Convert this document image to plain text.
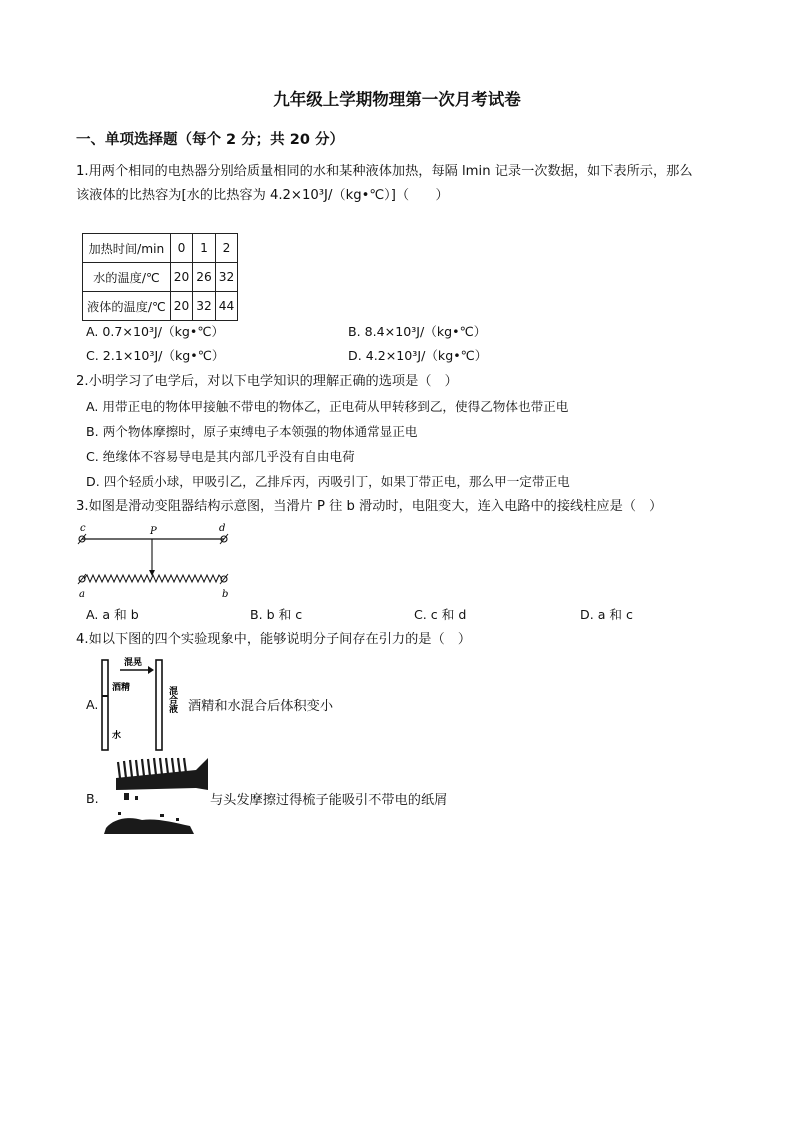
九年级上学期物理第一次月考试卷
一、单项选择题（每个 2 分；共 20 分）
1.用两个相同的电热器分别给质量相同的水和某种液体加热，每隔 lmin 记录一次数据，如下表所示，那么
该液体的比热容为[水的比热容为 4.2×10³J/（kg•℃）]（　　）
加热时间/min	0	1	2
水的温度/℃	20	26	32
液体的温度/℃	20	32	44
A. 0.7×10³J/（kg•℃）	B. 8.4×10³J/（kg•℃）
C. 2.1×10³J/（kg•℃）	D. 4.2×10³J/（kg•℃）
2.小明学习了电学后，对以下电学知识的理解正确的选项是（　）
A. 用带正电的物体甲接触不带电的物体乙，正电荷从甲转移到乙，使得乙物体也带正电
B. 两个物体摩擦时，原子束缚电子本领强的物体通常显正电
C. 绝缘体不容易导电是其内部几乎没有自由电荷
D. 四个轻质小球，甲吸引乙，乙排斥丙，丙吸引丁，如果丁带正电，那么甲一定带正电
3.如图是滑动变阻器结构示意图，当滑片 P 往 b 滑动时，电阻变大，连入电路中的接线柱应是（　）
c	P	d
a	b
A. a 和 b	B. b 和 c	C. c 和 d	D. a 和 c
4.如以下图的四个实验现象中，能够说明分子间存在引力的是（　）
A.
混晃
酒精
水
混合液 酒精和水混合后体积变小
B.	与头发摩擦过得梳子能吸引不带电的纸屑
